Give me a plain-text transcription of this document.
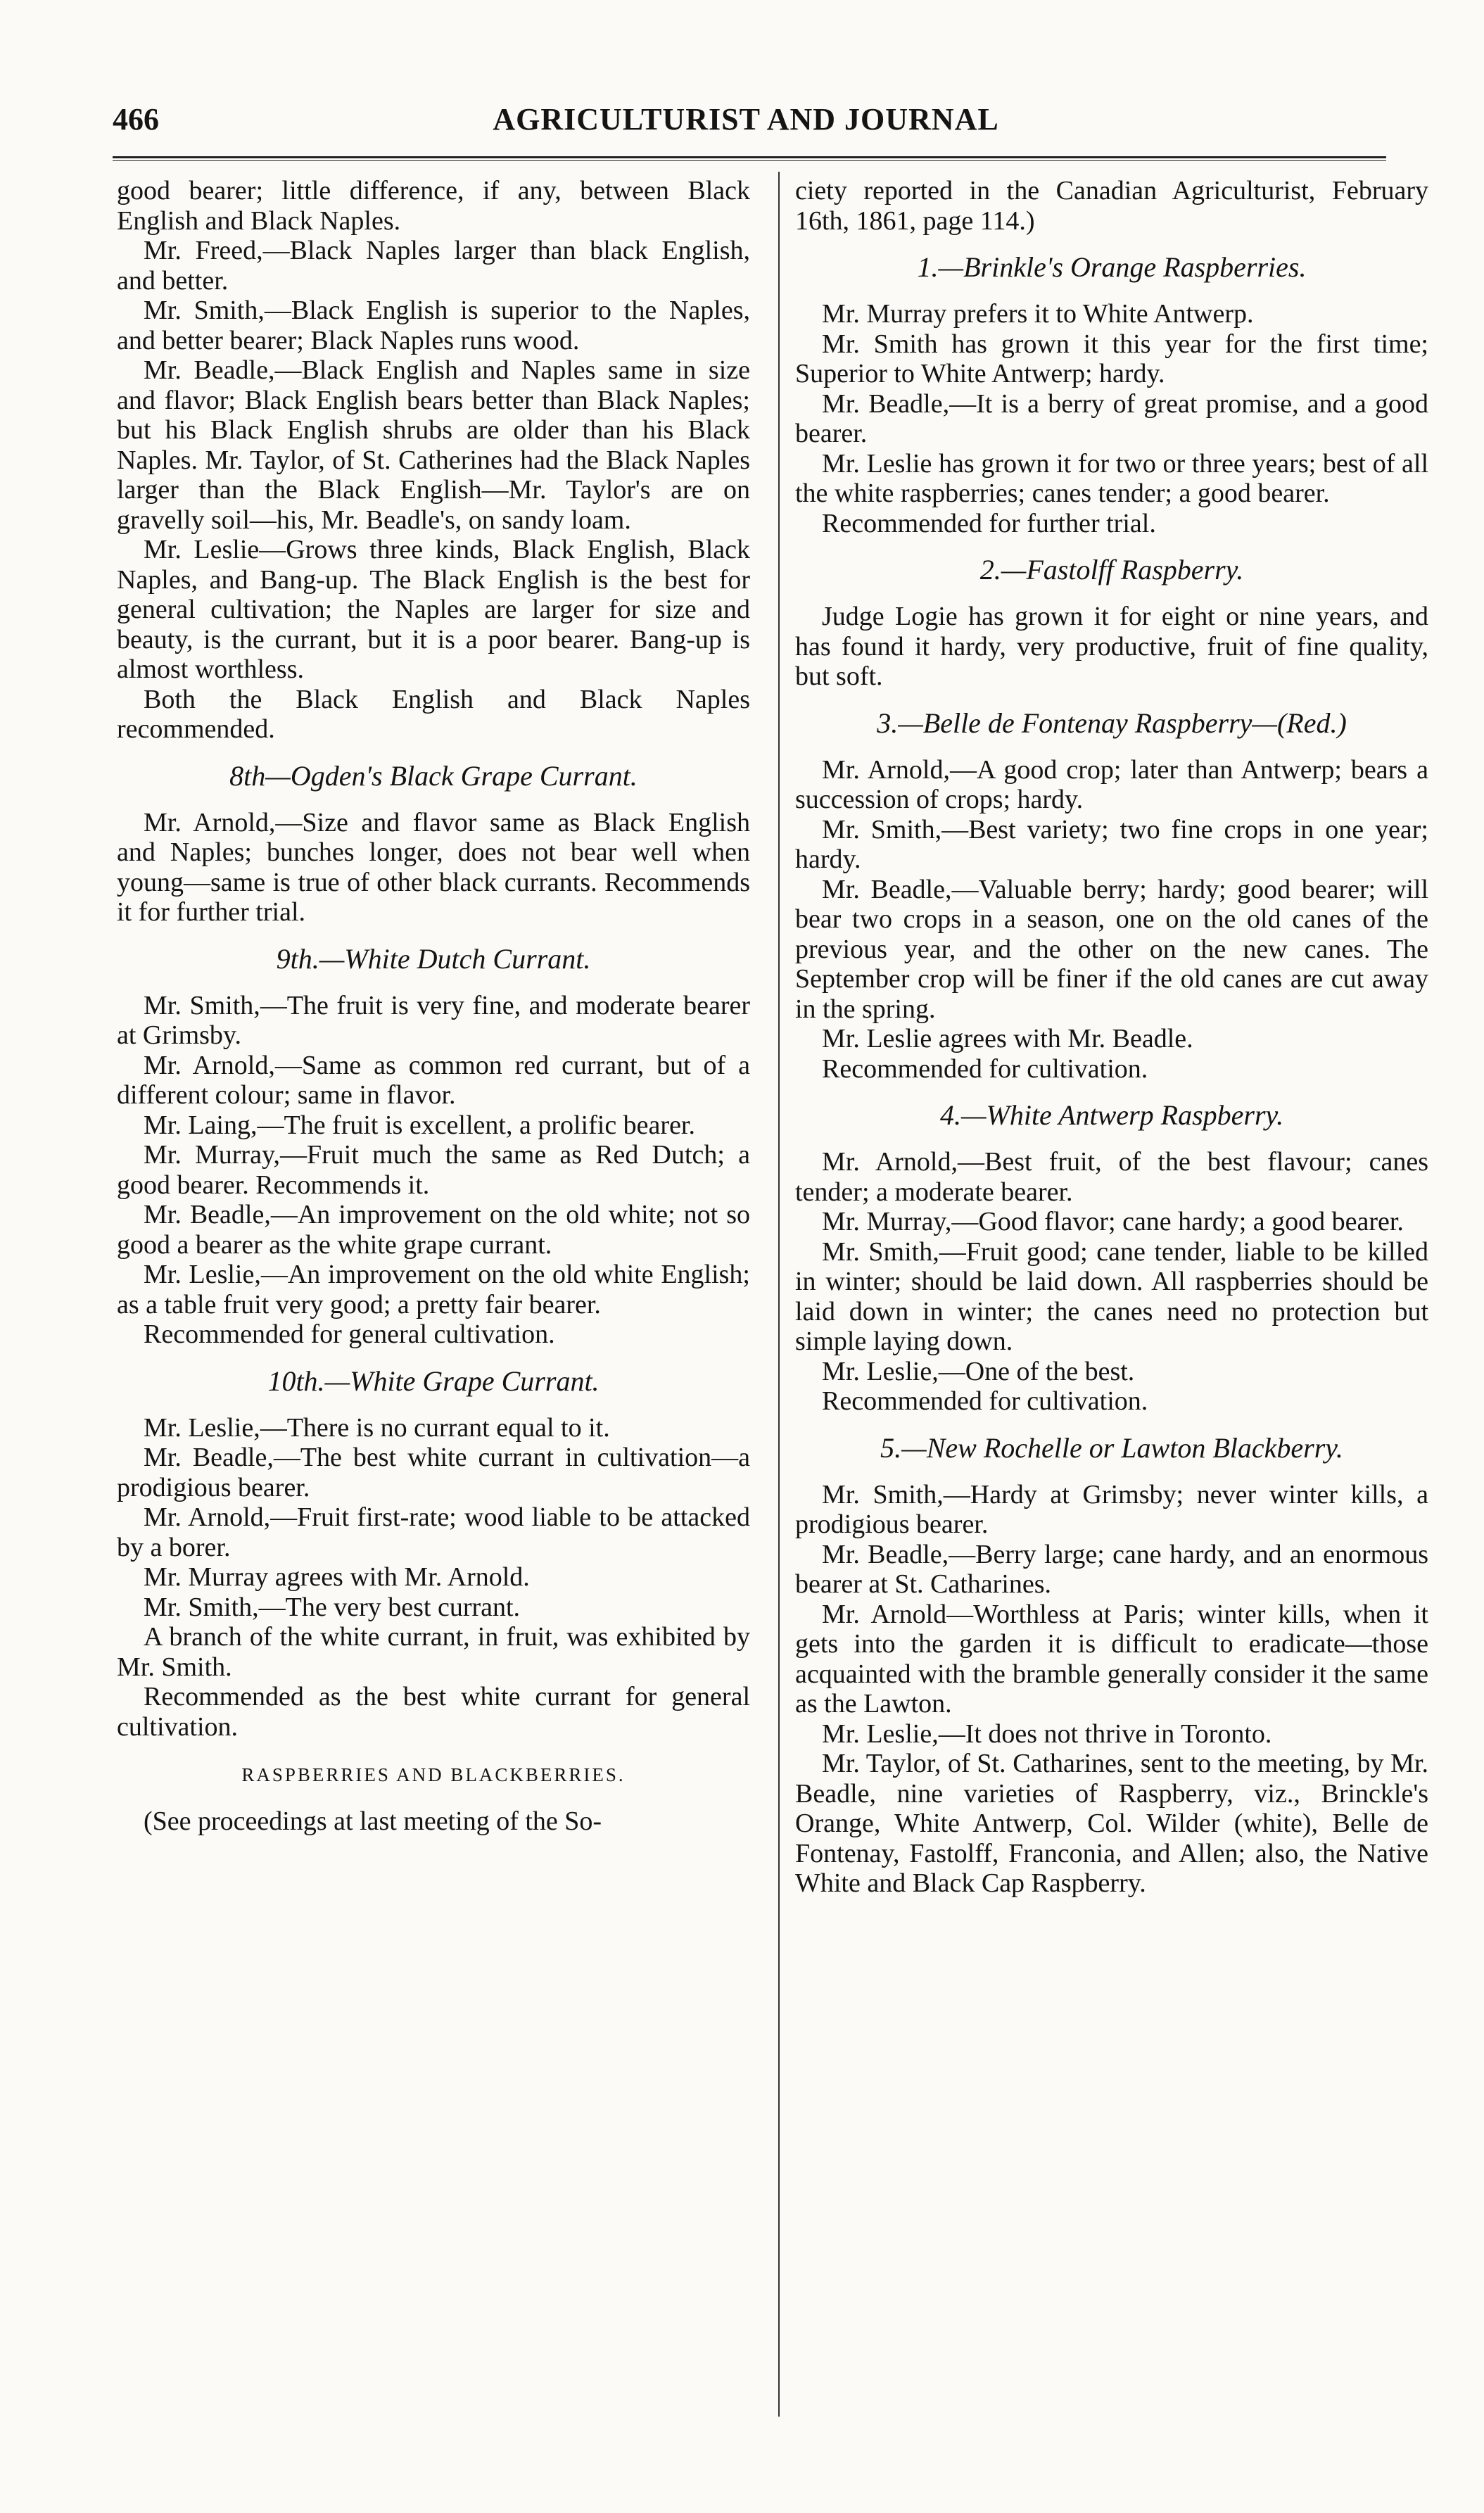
466	AGRICULTURIST AND JOURNAL

good bearer; little difference, if any, between Black English and Black Naples.

Mr. Freed,—Black Naples larger than black English, and better.

Mr. Smith,—Black English is superior to the Naples, and better bearer; Black Naples runs wood.

Mr. Beadle,—Black English and Naples same in size and flavor; Black English bears better than Black Naples; but his Black English shrubs are older than his Black Naples. Mr. Taylor, of St. Catherines had the Black Naples larger than the Black English—Mr. Taylor's are on gravelly soil—his, Mr. Beadle's, on sandy loam.

Mr. Leslie—Grows three kinds, Black English, Black Naples, and Bang-up. The Black English is the best for general cultivation; the Naples are larger for size and beauty, is the currant, but it is a poor bearer. Bang-up is almost worthless.

Both the Black English and Black Naples recommended.

8th—Ogden's Black Grape Currant.

Mr. Arnold,—Size and flavor same as Black English and Naples; bunches longer, does not bear well when young—same is true of other black currants. Recommends it for further trial.

9th.—White Dutch Currant.

Mr. Smith,—The fruit is very fine, and moderate bearer at Grimsby.

Mr. Arnold,—Same as common red currant, but of a different colour; same in flavor.

Mr. Laing,—The fruit is excellent, a prolific bearer.

Mr. Murray,—Fruit much the same as Red Dutch; a good bearer. Recommends it.

Mr. Beadle,—An improvement on the old white; not so good a bearer as the white grape currant.

Mr. Leslie,—An improvement on the old white English; as a table fruit very good; a pretty fair bearer.

Recommended for general cultivation.

10th.—White Grape Currant.

Mr. Leslie,—There is no currant equal to it.

Mr. Beadle,—The best white currant in cultivation—a prodigious bearer.

Mr. Arnold,—Fruit first-rate; wood liable to be attacked by a borer.

Mr. Murray agrees with Mr. Arnold.

Mr. Smith,—The very best currant.

A branch of the white currant, in fruit, was exhibited by Mr. Smith.

Recommended as the best white currant for general cultivation.

RASPBERRIES AND BLACKBERRIES.

(See proceedings at last meeting of the So-

ciety reported in the Canadian Agriculturist, February 16th, 1861, page 114.)

1.—Brinkle's Orange Raspberries.

Mr. Murray prefers it to White Antwerp.

Mr. Smith has grown it this year for the first time; Superior to White Antwerp; hardy.

Mr. Beadle,—It is a berry of great promise, and a good bearer.

Mr. Leslie has grown it for two or three years; best of all the white raspberries; canes tender; a good bearer.

Recommended for further trial.

2.—Fastolff Raspberry.

Judge Logie has grown it for eight or nine years, and has found it hardy, very productive, fruit of fine quality, but soft.

3.—Belle de Fontenay Raspberry—(Red.)

Mr. Arnold,—A good crop; later than Antwerp; bears a succession of crops; hardy.

Mr. Smith,—Best variety; two fine crops in one year; hardy.

Mr. Beadle,—Valuable berry; hardy; good bearer; will bear two crops in a season, one on the old canes of the previous year, and the other on the new canes. The September crop will be finer if the old canes are cut away in the spring.

Mr. Leslie agrees with Mr. Beadle.

Recommended for cultivation.

4.—White Antwerp Raspberry.

Mr. Arnold,—Best fruit, of the best flavour; canes tender; a moderate bearer.

Mr. Murray,—Good flavor; cane hardy; a good bearer.

Mr. Smith,—Fruit good; cane tender, liable to be killed in winter; should be laid down. All raspberries should be laid down in winter; the canes need no protection but simple laying down.

Mr. Leslie,—One of the best.

Recommended for cultivation.

5.—New Rochelle or Lawton Blackberry.

Mr. Smith,—Hardy at Grimsby; never winter kills, a prodigious bearer.

Mr. Beadle,—Berry large; cane hardy, and an enormous bearer at St. Catharines.

Mr. Arnold—Worthless at Paris; winter kills, when it gets into the garden it is difficult to eradicate—those acquainted with the bramble generally consider it the same as the Lawton.

Mr. Leslie,—It does not thrive in Toronto.

Mr. Taylor, of St. Catharines, sent to the meeting, by Mr. Beadle, nine varieties of Raspberry, viz., Brinckle's Orange, White Antwerp, Col. Wilder (white), Belle de Fontenay, Fastolff, Franconia, and Allen; also, the Native White and Black Cap Raspberry.
